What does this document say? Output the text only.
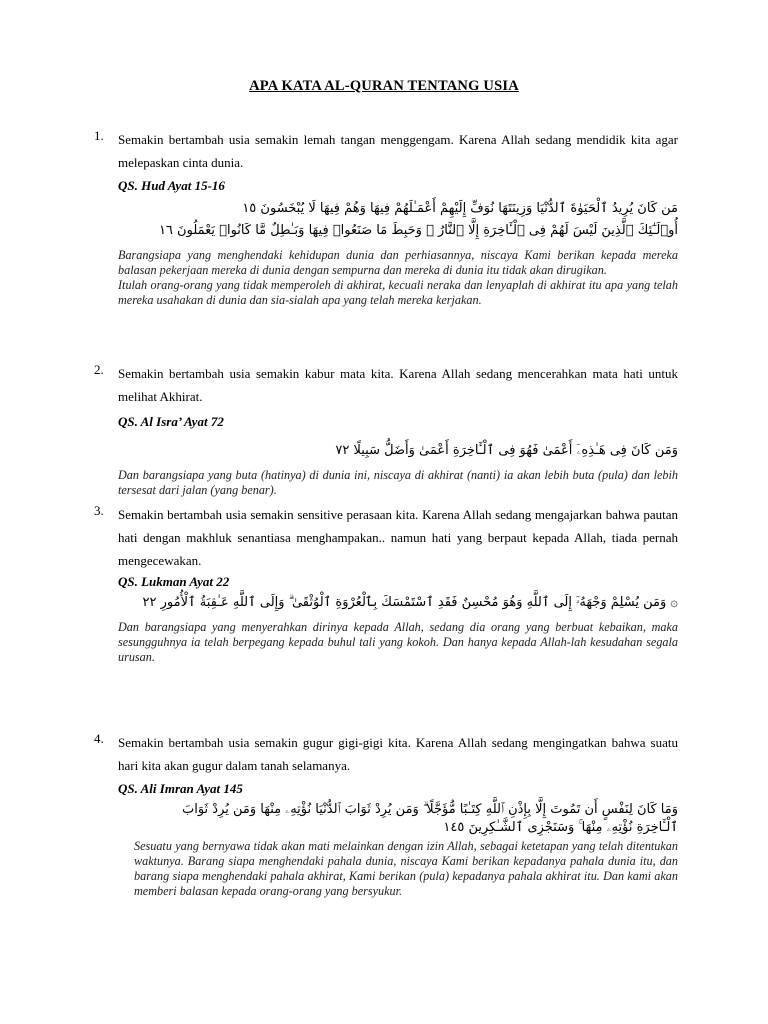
APA KATA AL-QURAN TENTANG USIA
1. Semakin bertambah usia semakin lemah tangan menggengam. Karena Allah sedang mendidik kita agar melepaskan cinta dunia.
QS. Hud Ayat 15-16
مَن كَانَ يُرِيدُ ٱلْحَيَوٰةَ ٱلدُّنْيَا وَزِينَتَهَا نُوَفِّ إِلَيْهِمْ أَعْمَـٰلَهُمْ فِيهَا وَهُمْ فِيهَا لَا يُبْخَسُونَ ١٥
أُو۟لَـٰٓئِكَ ٱلَّذِينَ لَيْسَ لَهُمْ فِى ٱلْـَٔاخِرَةِ إِلَّا ٱلنَّارُ ۖ وَحَبِطَ مَا صَنَعُوا۟ فِيهَا وَبَـٰطِلٌ مَّا كَانُوا۟ يَعْمَلُونَ ١٦

Barangsiapa yang menghendaki kehidupan dunia dan perhiasannya, niscaya Kami berikan kepada mereka balasan pekerjaan mereka di dunia dengan sempurna dan mereka di dunia itu tidak akan dirugikan.

Itulah orang-orang yang tidak memperoleh di akhirat, kecuali neraka dan lenyaplah di akhirat itu apa yang telah mereka usahakan di dunia dan sia-sialah apa yang telah mereka kerjakan.

2. Semakin bertambah usia semakin kabur mata kita. Karena Allah sedang mencerahkan mata hati untuk melihat Akhirat.
QS. Al Isra’ Ayat 72
وَمَن كَانَ فِى هَـٰذِهِۦٓ أَعْمَىٰ فَهُوَ فِى ٱلْـَٔاخِرَةِ أَعْمَىٰ وَأَضَلُّ سَبِيلًا ٧٢

Dan barangsiapa yang buta (hatinya) di dunia ini, niscaya di akhirat (nanti) ia akan lebih buta (pula) dan lebih tersesat dari jalan (yang benar).

3. Semakin bertambah usia semakin sensitive perasaan kita. Karena Allah sedang mengajarkan bahwa pautan hati dengan makhluk senantiasa menghampakan.. namun hati yang berpaut kepada Allah, tiada pernah mengecewakan.
QS. Lukman Ayat 22
۞ وَمَن يُسْلِمْ وَجْهَهُۥٓ إِلَى ٱللَّهِ وَهُوَ مُحْسِنٌ فَقَدِ ٱسْتَمْسَكَ بِٱلْعُرْوَةِ ٱلْوُثْقَىٰ ۗ وَإِلَى ٱللَّهِ عَـٰقِبَةُ ٱلْأُمُورِ ٢٢

Dan barangsiapa yang menyerahkan dirinya kepada Allah, sedang dia orang yang berbuat kebaikan, maka sesungguhnya ia telah berpegang kepada buhul tali yang kokoh. Dan hanya kepada Allah-lah kesudahan segala urusan.

4. Semakin bertambah usia semakin gugur gigi-gigi kita. Karena Allah sedang mengingatkan bahwa suatu hari kita akan gugur dalam tanah selamanya.
QS. Ali Imran Ayat 145
وَمَا كَانَ لِنَفْسٍ أَن تَمُوتَ إِلَّا بِإِذْنِ ٱللَّهِ كِتَـٰبًا مُّؤَجَّلًا ۗ وَمَن يُرِدْ ثَوَابَ ٱلدُّنْيَا نُؤْتِهِۦ مِنْهَا وَمَن يُرِدْ ثَوَابَ
ٱلْـَٔاخِرَةِ نُؤْتِهِۦ مِنْهَا ۚ وَسَنَجْزِى ٱلشَّـٰكِرِينَ ١٤٥

Sesuatu yang bernyawa tidak akan mati melainkan dengan izin Allah, sebagai ketetapan yang telah ditentukan waktunya. Barang siapa menghendaki pahala dunia, niscaya Kami berikan kepadanya pahala dunia itu, dan barang siapa menghendaki pahala akhirat, Kami berikan (pula) kepadanya pahala akhirat itu. Dan kami akan memberi balasan kepada orang-orang yang bersyukur.
